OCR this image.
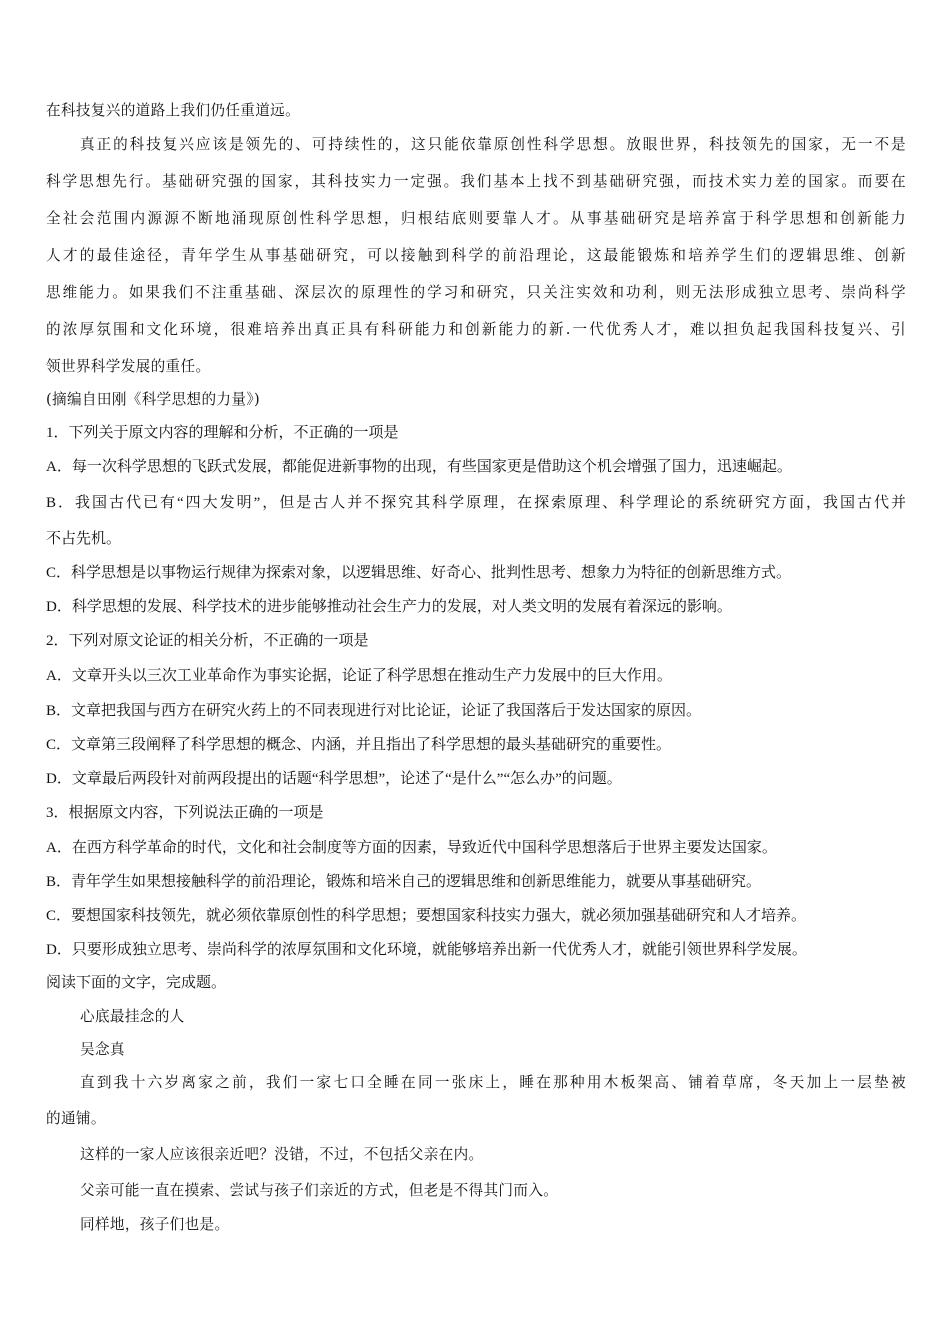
在科技复兴的道路上我们仍任重道远。

真正的科技复兴应该是领先的、可持续性的，这只能依靠原创性科学思想。放眼世界，科技领先的国家，无一不是

科学思想先行。基础研究强的国家，其科技实力一定强。我们基本上找不到基础研究强，而技术实力差的国家。而要在

全社会范围内源源不断地涌现原创性科学思想，归根结底则要靠人才。从事基础研究是培养富于科学思想和创新能力

人才的最佳途径，青年学生从事基础研究，可以接触到科学的前沿理论，这最能锻炼和培养学生们的逻辑思维、创新

思维能力。如果我们不注重基础、深层次的原理性的学习和研究，只关注实效和功利，则无法形成独立思考、崇尚科学

的浓厚氛围和文化环境，很难培养出真正具有科研能力和创新能力的新.一代优秀人才，难以担负起我国科技复兴、引

领世界科学发展的重任。

(摘编自田刚《科学思想的力量》)

1．下列关于原文内容的理解和分析，不正确的一项是

A．每一次科学思想的飞跃式发展，都能促进新事物的出现，有些国家更是借助这个机会增强了国力，迅速崛起。

B．我国古代已有“四大发明”，但是古人并不探究其科学原理，在探索原理、科学理论的系统研究方面，我国古代并

不占先机。

C．科学思想是以事物运行规律为探索对象，以逻辑思维、好奇心、批判性思考、想象力为特征的创新思维方式。

D．科学思想的发展、科学技术的进步能够推动社会生产力的发展，对人类文明的发展有着深远的影响。

2．下列对原文论证的相关分析，不正确的一项是

A．文章开头以三次工业革命作为事实论据，论证了科学思想在推动生产力发展中的巨大作用。

B．文章把我国与西方在研究火药上的不同表现进行对比论证，论证了我国落后于发达国家的原因。

C．文章第三段阐释了科学思想的概念、内涵，并且指出了科学思想的最头基础研究的重要性。

D．文章最后两段针对前两段提出的话题“科学思想”，论述了“是什么”“怎么办”的问题。

3．根据原文内容，下列说法正确的一项是

A．在西方科学革命的时代，文化和社会制度等方面的因素，导致近代中国科学思想落后于世界主要发达国家。

B．青年学生如果想接触科学的前沿理论，锻炼和培米自己的逻辑思维和创新思维能力，就要从事基础研究。

C．要想国家科技领先，就必须依靠原创性的科学思想；要想国家科技实力强大，就必须加强基础研究和人才培养。

D．只要形成独立思考、崇尚科学的浓厚氛围和文化环境，就能够培养出新一代优秀人才，就能引领世界科学发展。

阅读下面的文字，完成题。

心底最挂念的人

吴念真

直到我十六岁离家之前，我们一家七口全睡在同一张床上，睡在那种用木板架高、铺着草席，冬天加上一层垫被

的通铺。

这样的一家人应该很亲近吧？没错，不过，不包括父亲在内。

父亲可能一直在摸索、尝试与孩子们亲近的方式，但老是不得其门而入。

同样地，孩子们也是。
